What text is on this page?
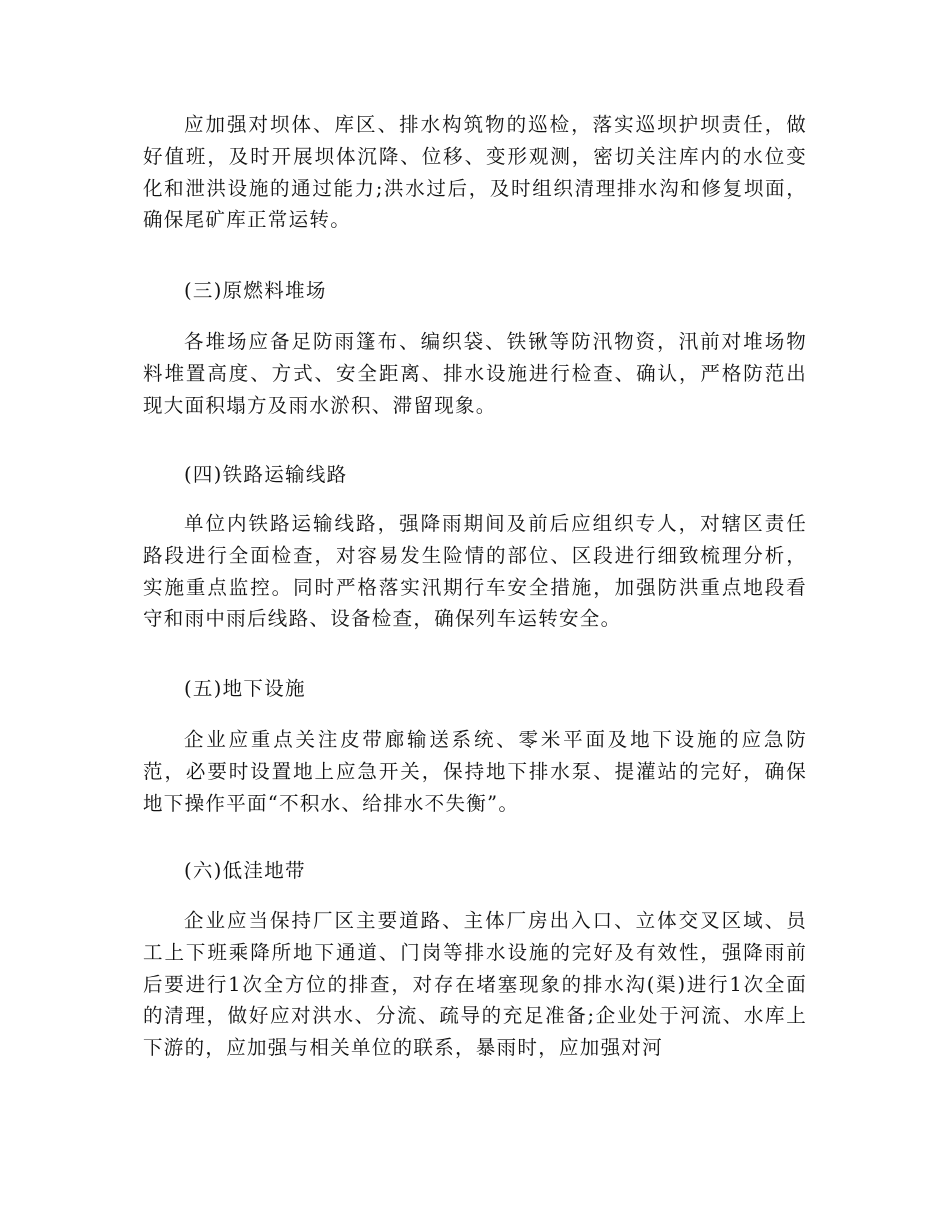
应加强对坝体、库区、排水构筑物的巡检，落实巡坝护坝责任，做好值班，及时开展坝体沉降、位移、变形观测，密切关注库内的水位变化和泄洪设施的通过能力;洪水过后，及时组织清理排水沟和修复坝面，确保尾矿库正常运转。

(三)原燃料堆场

各堆场应备足防雨篷布、编织袋、铁锹等防汛物资，汛前对堆场物料堆置高度、方式、安全距离、排水设施进行检查、确认，严格防范出现大面积塌方及雨水淤积、滞留现象。

(四)铁路运输线路

单位内铁路运输线路，强降雨期间及前后应组织专人，对辖区责任路段进行全面检查，对容易发生险情的部位、区段进行细致梳理分析，实施重点监控。同时严格落实汛期行车安全措施，加强防洪重点地段看守和雨中雨后线路、设备检查，确保列车运转安全。

(五)地下设施

企业应重点关注皮带廊输送系统、零米平面及地下设施的应急防范，必要时设置地上应急开关，保持地下排水泵、提灌站的完好，确保地下操作平面“不积水、给排水不失衡”。

(六)低洼地带

企业应当保持厂区主要道路、主体厂房出入口、立体交叉区域、员工上下班乘降所地下通道、门岗等排水设施的完好及有效性，强降雨前后要进行1次全方位的排查，对存在堵塞现象的排水沟(渠)进行1次全面的清理，做好应对洪水、分流、疏导的充足准备;企业处于河流、水库上下游的，应加强与相关单位的联系，暴雨时，应加强对河
